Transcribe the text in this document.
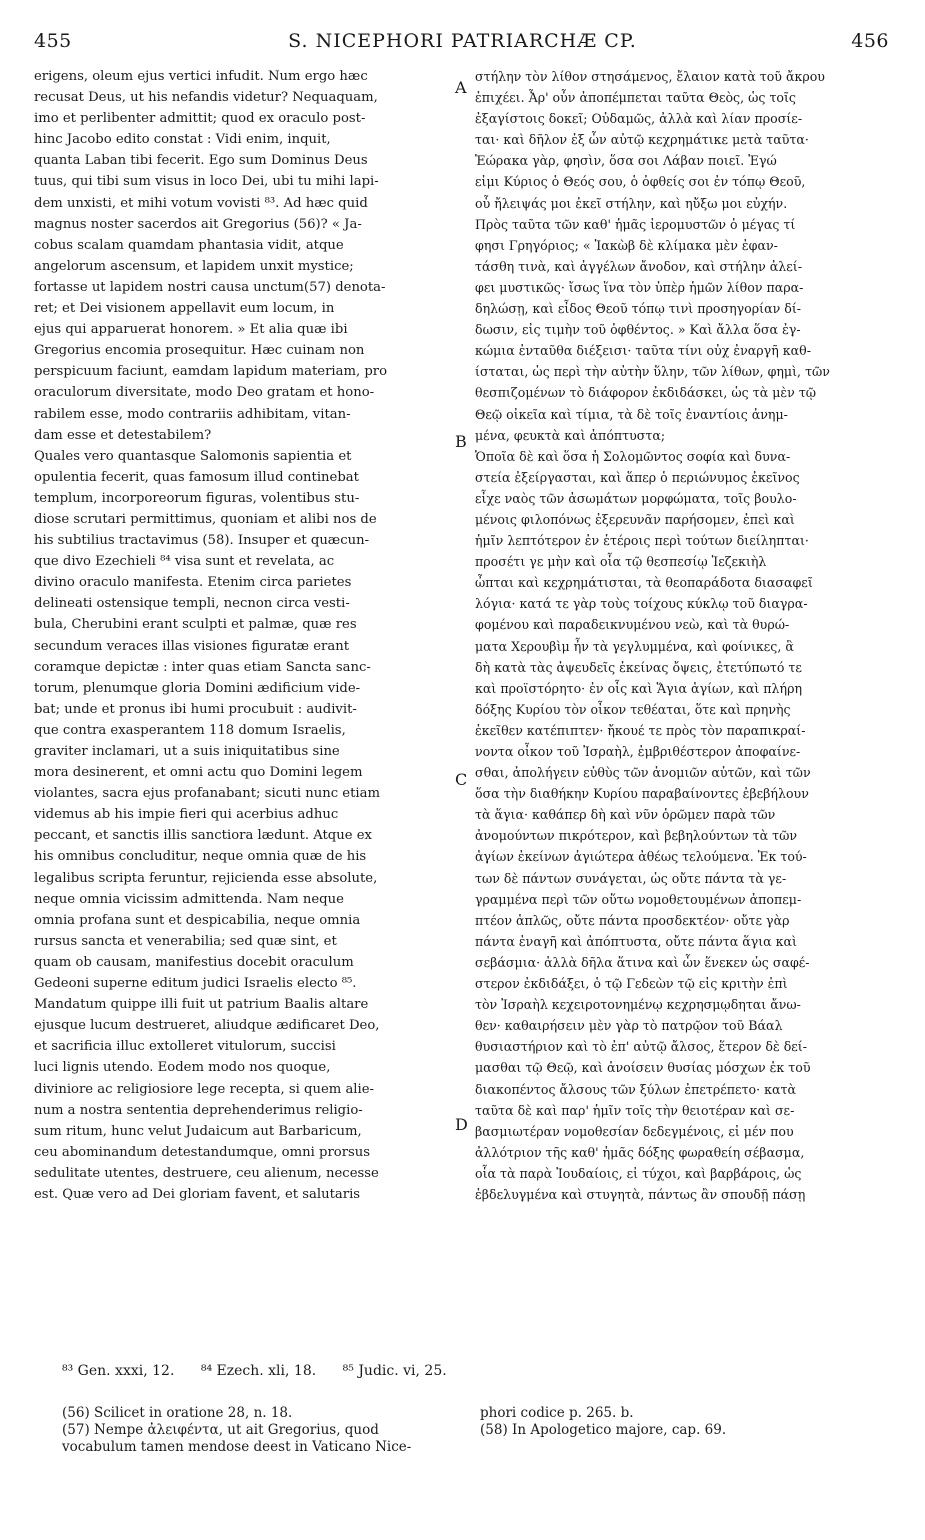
455	S. NICEPHORI PATRIARCHÆ CP.	456
erigens, oleum ejus vertici infudit. Num ergo hæc
recusat Deus, ut his nefandis videtur? Nequaquam,
imo et perlibenter admittit; quod ex oraculo post-
hinc Jacobo edito constat : Vidi enim, inquit,
quanta Laban tibi fecerit. Ego sum Dominus Deus
tuus, qui tibi sum visus in loco Dei, ubi tu mihi lapi-
dem unxisti, et mihi votum vovisti ⁸³. Ad hæc quid
magnus noster sacerdos ait Gregorius (56)? « Ja-
cobus scalam quamdam phantasia vidit, atque
angelorum ascensum, et lapidem unxit mystice;
fortasse ut lapidem nostri causa unctum(57) denota-
ret; et Dei visionem appellavit eum locum, in
ejus qui apparuerat honorem. » Et alia quæ ibi
Gregorius encomia prosequitur. Hæc cuinam non
perspicuum faciunt, eamdam lapidum materiam, pro
oraculorum diversitate, modo Deo gratam et hono-
rabilem esse, modo contrariis adhibitam, vitan-
dam esse et detestabilem?
Quales vero quantasque Salomonis sapientia et
opulentia fecerit, quas famosum illud continebat
templum, incorporeorum figuras, volentibus stu-
diose scrutari permittimus, quoniam et alibi nos de
his subtilius tractavimus (58). Insuper et quæcun-
que divo Ezechieli ⁸⁴ visa sunt et revelata, ac
divino oraculo manifesta. Etenim circa parietes
delineati ostensique templi, necnon circa vesti-
bula, Cherubini erant sculpti et palmæ, quæ res
secundum veraces illas visiones figuratæ erant
coramque depictæ : inter quas etiam Sancta sanc-
torum, plenumque gloria Domini ædificium vide-
bat; unde et pronus ibi humi procubuit : audivit-
que contra exasperantem 118 domum Israelis,
graviter inclamari, ut a suis iniquitatibus sine
mora desinerent, et omni actu quo Domini legem
violantes, sacra ejus profanabant; sicuti nunc etiam
videmus ab his impie fieri qui acerbius adhuc
peccant, et sanctis illis sanctiora lædunt. Atque ex
his omnibus concluditur, neque omnia quæ de his
legalibus scripta feruntur, rejicienda esse absolute,
neque omnia vicissim admittenda. Nam neque
omnia profana sunt et despicabilia, neque omnia
rursus sancta et venerabilia; sed quæ sint, et
quam ob causam, manifestius docebit oraculum
Gedeoni superne editum judici Israelis electo ⁸⁵.
Mandatum quippe illi fuit ut patrium Baalis altare
ejusque lucum destrueret, aliudque ædificaret Deo,
et sacrificia illuc extolleret vitulorum, succisi
luci lignis utendo. Eodem modo nos quoque,
diviniore ac religiosiore lege recepta, si quem alie-
num a nostra sententia deprehenderimus religio-
sum ritum, hunc velut Judaicum aut Barbaricum,
ceu abominandum detestandumque, omni prorsus
sedulitate utentes, destruere, ceu alienum, necesse
est. Quæ vero ad Dei gloriam favent, et salutaris
στήλην τὸν λίθον στησάμενος, ἔλαιον κατὰ τοῦ ἄκρου
ἐπιχέει. Ἆρ' οὖν ἀποπέμπεται ταῦτα Θεὸς, ὡς τοῖς
ἐξαγίστοις δοκεῖ; Οὐδαμῶς, ἀλλὰ καὶ λίαν προσίε-
ται· καὶ δῆλον ἐξ ὧν αὐτῷ κεχρημάτικε μετὰ ταῦτα·
Ἑώρακα γὰρ, φησὶν, ὅσα σοι Λάβαν ποιεῖ. Ἐγώ
εἰμι Κύριος ὁ Θεός σου, ὁ ὀφθείς σοι ἐν τόπῳ Θεοῦ,
οὗ ἤλειψάς μοι ἐκεῖ στήλην, καὶ ηὔξω μοι εὐχήν.
Πρὸς ταῦτα τῶν καθ' ἡμᾶς ἱερομυστῶν ὁ μέγας τί
φησι Γρηγόριος; « Ἰακὼβ δὲ κλίμακα μὲν ἐφαν-
τάσθη τινὰ, καὶ ἀγγέλων ἄνοδον, καὶ στήλην ἀλεί-
φει μυστικῶς· ἴσως ἵνα τὸν ὑπὲρ ἡμῶν λίθον παρα-
δηλώσῃ, καὶ εἶδος Θεοῦ τόπῳ τινὶ προσηγορίαν δί-
δωσιν, εἰς τιμὴν τοῦ ὀφθέντος. » Καὶ ἄλλα ὅσα ἐγ-
κώμια ἐνταῦθα διέξεισι· ταῦτα τίνι οὐχ ἐναργῆ καθ-
ίσταται, ὡς περὶ τὴν αὐτὴν ὕλην, τῶν λίθων, φημὶ, τῶν
θεσπιζομένων τὸ διάφορον ἐκδιδάσκει, ὡς τὰ μὲν τῷ
Θεῷ οἰκεῖα καὶ τίμια, τὰ δὲ τοῖς ἐναντίοις ἀνημ-
μένα, φευκτὰ καὶ ἀπόπτυστα;
Ὁποῖα δὲ καὶ ὅσα ἡ Σολομῶντος σοφία καὶ δυνα-
στεία ἐξείργασται, καὶ ἅπερ ὁ περιώνυμος ἐκεῖνος
εἶχε ναὸς τῶν ἀσωμάτων μορφώματα, τοῖς βουλο-
μένοις φιλοπόνως ἐξερευνᾶν παρήσομεν, ἐπεὶ καὶ
ἡμῖν λεπτότερον ἐν ἑτέροις περὶ τούτων διείληπται·
προσέτι γε μὴν καὶ οἷα τῷ θεσπεσίῳ Ἰεζεκιὴλ
ὦπται καὶ κεχρημάτισται, τὰ θεοπαράδοτα διασαφεῖ
λόγια· κατά τε γὰρ τοὺς τοίχους κύκλῳ τοῦ διαγρα-
φομένου καὶ παραδεικνυμένου νεὼ, καὶ τὰ θυρώ-
ματα Χερουβὶμ ἦν τὰ γεγλυμμένα, καὶ φοίνικες, ἃ
δὴ κατὰ τὰς ἀψευδεῖς ἐκείνας ὄψεις, ἐτετύπωτό τε
καὶ προϊστόρητο· ἐν οἷς καὶ Ἅγια ἁγίων, καὶ πλήρη
δόξης Κυρίου τὸν οἶκον τεθέαται, ὅτε καὶ πρηνὴς
ἐκεῖθεν κατέπιπτεν· ἤκουέ τε πρὸς τὸν παραπικραί-
νοντα οἶκον τοῦ Ἰσραὴλ, ἐμβριθέστερον ἀποφαίνε-
σθαι, ἀπολήγειν εὐθὺς τῶν ἀνομιῶν αὐτῶν, καὶ τῶν
ὅσα τὴν διαθήκην Κυρίου παραβαίνοντες ἐβεβήλουν
τὰ ἅγια· καθάπερ δὴ καὶ νῦν ὁρῶμεν παρὰ τῶν
ἀνομούντων πικρότερον, καὶ βεβηλούντων τὰ τῶν
ἁγίων ἐκείνων ἁγιώτερα ἀθέως τελούμενα. Ἐκ τού-
των δὲ πάντων συνάγεται, ὡς οὔτε πάντα τὰ γε-
γραμμένα περὶ τῶν οὕτω νομοθετουμένων ἀποπεμ-
πτέον ἁπλῶς, οὔτε πάντα προσδεκτέον· οὔτε γὰρ
πάντα ἐναγῆ καὶ ἀπόπτυστα, οὔτε πάντα ἅγια καὶ
σεβάσμια· ἀλλὰ δῆλα ἅτινα καὶ ὧν ἕνεκεν ὡς σαφέ-
στερον ἐκδιδάξει, ὁ τῷ Γεδεὼν τῷ εἰς κριτὴν ἐπὶ
τὸν Ἰσραὴλ κεχειροτονημένῳ κεχρησμῳδηται ἄνω-
θεν· καθαιρήσειν μὲν γὰρ τὸ πατρῷον τοῦ Βάαλ
θυσιαστήριον καὶ τὸ ἐπ' αὐτῷ ἄλσος, ἕτερον δὲ δεί-
μασθαι τῷ Θεῷ, καὶ ἀνοίσειν θυσίας μόσχων ἐκ τοῦ
διακοπέντος ἄλσους τῶν ξύλων ἐπετρέπετο· κατὰ
ταῦτα δὲ καὶ παρ' ἡμῖν τοῖς τὴν θειοτέραν καὶ σε-
βασμιωτέραν νομοθεσίαν δεδεγμένοις, εἰ μέν που
ἀλλότριον τῆς καθ' ἡμᾶς δόξης φωραθείη σέβασμα,
οἷα τὰ παρὰ Ἰουδαίοις, εἰ τύχοι, καὶ βαρβάροις, ὡς
ἐβδελυγμένα καὶ στυγητὰ, πάντως ἂν σπουδῇ πάσῃ
A
B
C
D
⁸³ Gen. xxxi, 12. ⁸⁴ Ezech. xli, 18. ⁸⁵ Judic. vi, 25.
(56) Scilicet in oratione 28, n. 18.
(57) Nempe ἀλειφέντα, ut ait Gregorius, quod
vocabulum tamen mendose deest in Vaticano Nice-
phori codice p. 265. b.
(58) In Apologetico majore, cap. 69.
